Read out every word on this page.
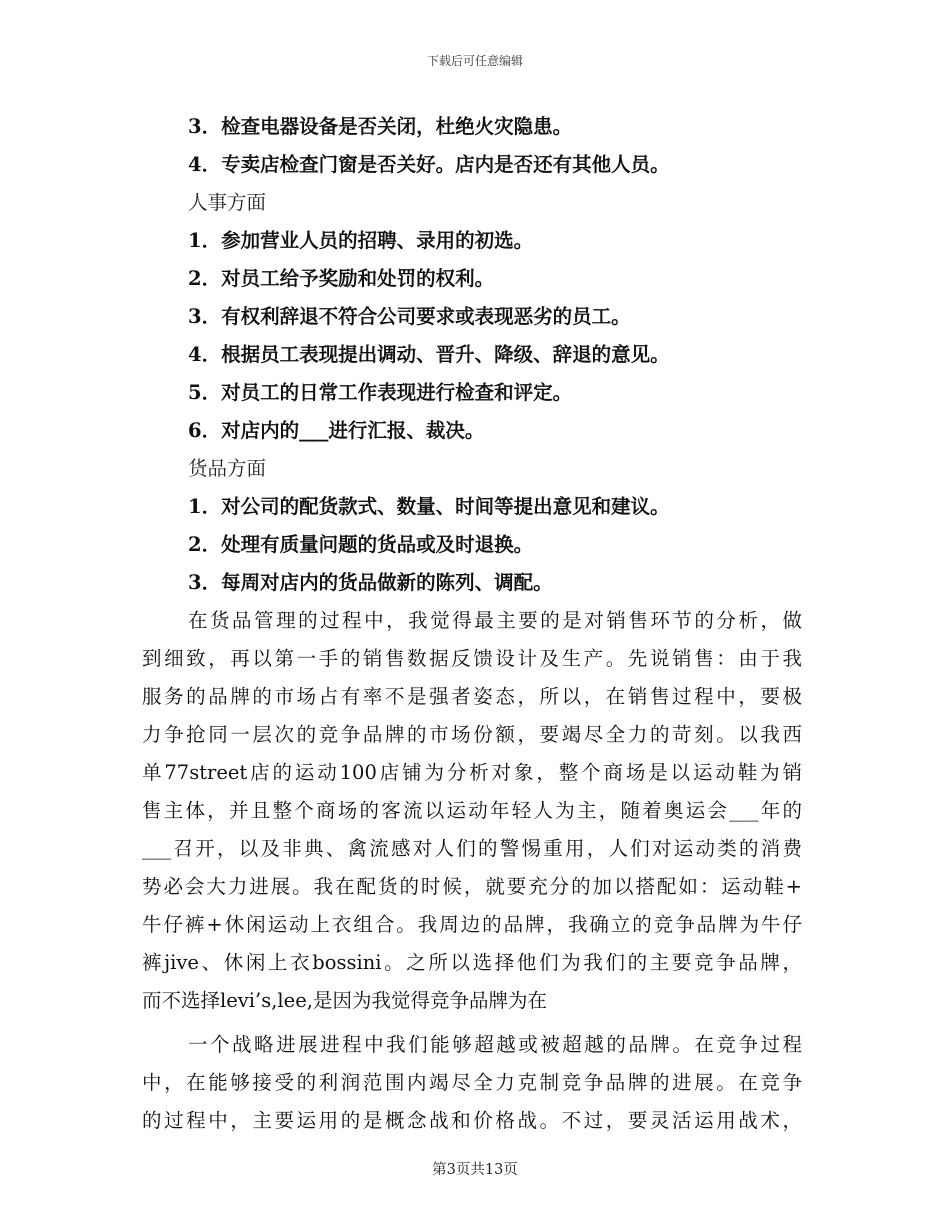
下载后可任意编辑
3．检查电器设备是否关闭，杜绝火灾隐患。
4．专卖店检查门窗是否关好。店内是否还有其他人员。
人事方面
1．参加营业人员的招聘、录用的初选。
2．对员工给予奖励和处罚的权利。
3．有权利辞退不符合公司要求或表现恶劣的员工。
4．根据员工表现提出调动、晋升、降级、辞退的意见。
5．对员工的日常工作表现进行检查和评定。
6．对店内的___进行汇报、裁决。
货品方面
1．对公司的配货款式、数量、时间等提出意见和建议。
2．处理有质量问题的货品或及时退换。
3．每周对店内的货品做新的陈列、调配。
在货品管理的过程中，我觉得最主要的是对销售环节的分析，做
到细致，再以第一手的销售数据反馈设计及生产。先说销售：由于我
服务的品牌的市场占有率不是强者姿态，所以，在销售过程中，要极
力争抢同一层次的竞争品牌的市场份额，要竭尽全力的苛刻。以我西
单77street店的运动100店铺为分析对象，整个商场是以运动鞋为销
售主体，并且整个商场的客流以运动年轻人为主，随着奥运会___年的
___召开，以及非典、禽流感对人们的警惕重用，人们对运动类的消费
势必会大力进展。我在配货的时候，就要充分的加以搭配如：运动鞋+
牛仔裤+休闲运动上衣组合。我周边的品牌，我确立的竞争品牌为牛仔
裤jive、休闲上衣bossini。之所以选择他们为我们的主要竞争品牌，
而不选择levi’s,lee,是因为我觉得竞争品牌为在
一个战略进展进程中我们能够超越或被超越的品牌。在竞争过程
中，在能够接受的利润范围内竭尽全力克制竞争品牌的进展。在竞争
的过程中，主要运用的是概念战和价格战。不过，要灵活运用战术，
第3页共13页
